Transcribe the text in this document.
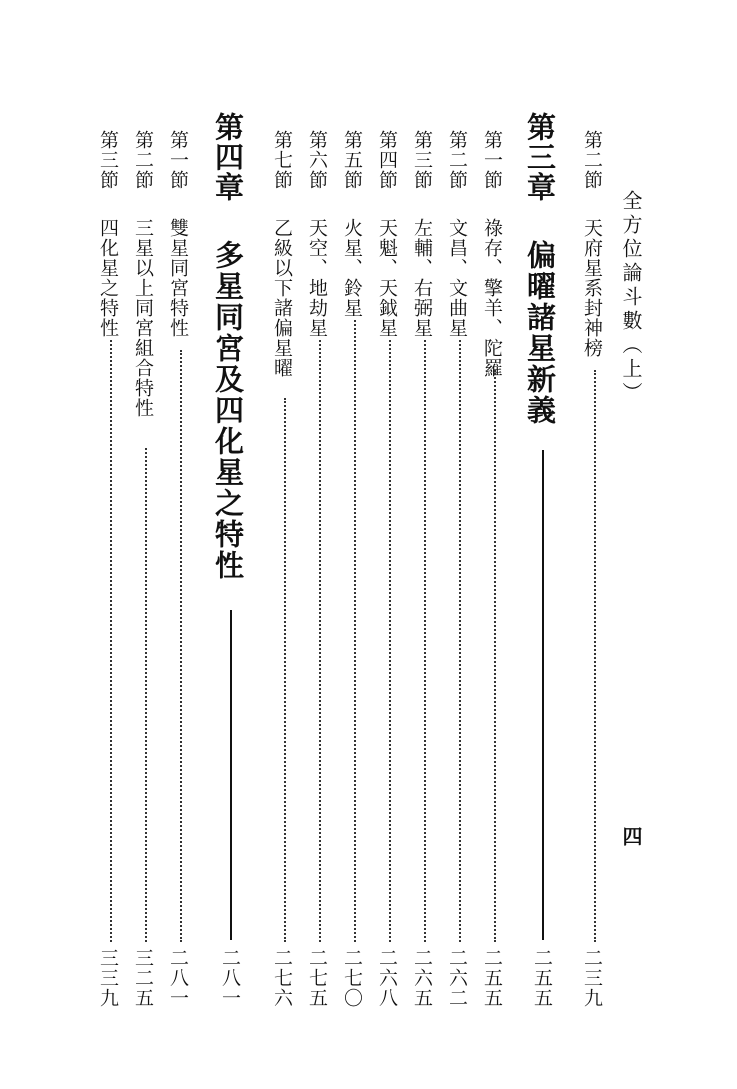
全方位論斗數（上）
四
第二節
天府星系封神榜
二三九
第三章
偏曜諸星新義
二五五
第一節
祿存、擎羊、陀羅
二五五
第二節
文昌、文曲星
二六二
第三節
左輔、右弼星
二六五
第四節
天魁、天鉞星
二六八
第五節
火星、鈴星
二七〇
第六節
天空、地劫星
二七五
第七節
乙級以下諸偏星曜
二七六
第四章
多星同宮及四化星之特性
二八一
第一節
雙星同宮特性
二八一
第二節
三星以上同宮組合特性
三二五
第三節
四化星之特性
三三九
